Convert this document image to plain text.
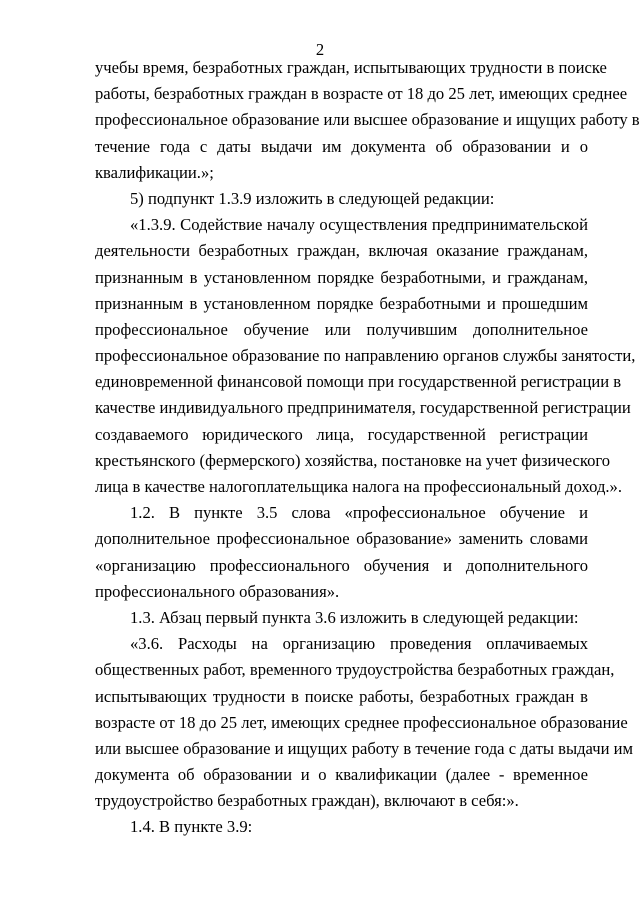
2

учебы время, безработных граждан, испытывающих трудности в поиске
работы, безработных граждан в возрасте от 18 до 25 лет, имеющих среднее
профессиональное образование или высшее образование и ищущих работу в
течение года с даты выдачи им документа об образовании и о
квалификации.»;

5) подпункт 1.3.9 изложить в следующей редакции:

«1.3.9. Содействие началу осуществления предпринимательской
деятельности безработных граждан, включая оказание гражданам,
признанным в установленном порядке безработными, и гражданам,
признанным в установленном порядке безработными и прошедшим
профессиональное обучение или получившим дополнительное
профессиональное образование по направлению органов службы занятости,
единовременной финансовой помощи при государственной регистрации в
качестве индивидуального предпринимателя, государственной регистрации
создаваемого юридического лица, государственной регистрации
крестьянского (фермерского) хозяйства, постановке на учет физического
лица в качестве налогоплательщика налога на профессиональный доход.».

1.2. В пункте 3.5 слова «профессиональное обучение и
дополнительное профессиональное образование» заменить словами
«организацию профессионального обучения и дополнительного
профессионального образования».

1.3. Абзац первый пункта 3.6 изложить в следующей редакции:

«3.6. Расходы на организацию проведения оплачиваемых
общественных работ, временного трудоустройства безработных граждан,
испытывающих трудности в поиске работы, безработных граждан в
возрасте от 18 до 25 лет, имеющих среднее профессиональное образование
или высшее образование и ищущих работу в течение года с даты выдачи им
документа об образовании и о квалификации (далее - временное
трудоустройство безработных граждан), включают в себя:».

1.4. В пункте 3.9:
